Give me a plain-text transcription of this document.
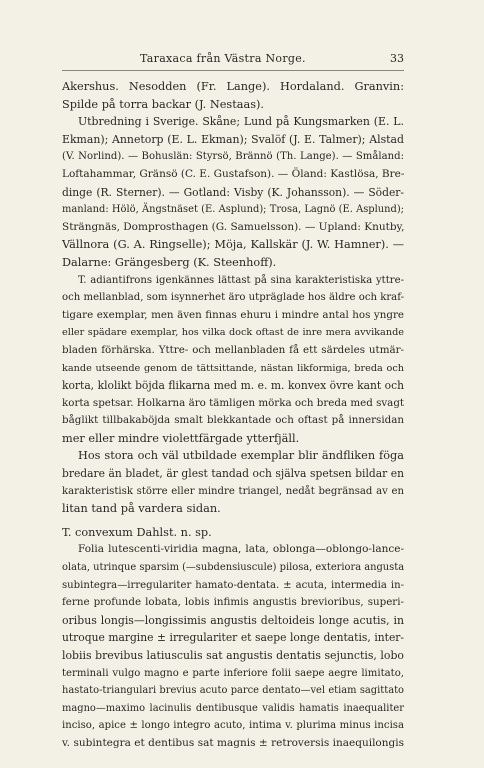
Taraxaca från Västra Norge.	33
Akershus. Nesodden (Fr. Lange). Hordaland. Granvin:
Spilde på torra backar (J. Nestaas).
Utbredning i Sverige. Skåne; Lund på Kungsmarken (E. L.
Ekman); Annetorp (E. L. Ekman); Svalöf (J. E. Talmer); Alstad
(V. Norlind). — Bohuslän: Styrsö, Brännö (Th. Lange). — Småland:
Loftahammar, Gränsö (C. E. Gustafson). — Öland: Kastlösa, Bre-
dinge (R. Sterner). — Gotland: Visby (K. Johansson). — Söder-
manland: Hölö, Ängstnäset (E. Asplund); Trosa, Lagnö (E. Asplund);
Strängnäs, Domprosthagen (G. Samuelsson). — Upland: Knutby,
Vällnora (G. A. Ringselle); Möja, Kallskär (J. W. Hamner). —
Dalarne: Grängesberg (K. Steenhoff).
T. adiantifrons igenkännes lättast på sina karakteristiska yttre-
och mellanblad, som isynnerhet äro utpräglade hos äldre och kraf-
tigare exemplar, men även finnas ehuru i mindre antal hos yngre
eller spädare exemplar, hos vilka dock oftast de inre mera avvikande
bladen förhärska. Yttre- och mellanbladen få ett särdeles utmär-
kande utseende genom de tättsittande, nästan likformiga, breda och
korta, klolikt böjda flikarna med m. e. m. konvex övre kant och
korta spetsar. Holkarna äro tämligen mörka och breda med svagt
båglikt tillbakaböjda smalt blekkantade och oftast på innersidan
mer eller mindre violettfärgade ytterfjäll.
Hos stora och väl utbildade exemplar blir ändfliken föga
bredare än bladet, är glest tandad och själva spetsen bildar en
karakteristisk större eller mindre triangel, nedåt begränsad av en
litan tand på vardera sidan.
T. convexum Dahlst. n. sp.
Folia lutescenti-viridia magna, lata, oblonga—oblongo-lance-
olata, utrinque sparsim (—subdensiuscule) pilosa, exteriora angusta
subintegra—irregulariter hamato-dentata. ± acuta, intermedia in-
ferne profunde lobata, lobis infimis angustis brevioribus, superi-
oribus longis—longissimis angustis deltoideis longe acutis, in
utroque margine ± irregulariter et saepe longe dentatis, inter-
lobiis brevibus latiusculis sat angustis dentatis sejunctis, lobo
terminali vulgo magno e parte inferiore folii saepe aegre limitato,
hastato-triangulari brevius acuto parce dentato—vel etiam sagittato
magno—maximo lacinulis dentibusque validis hamatis inaequaliter
inciso, apice ± longo integro acuto, intima v. plurima minus incisa
v. subintegra et dentibus sat magnis ± retroversis inaequilongis
